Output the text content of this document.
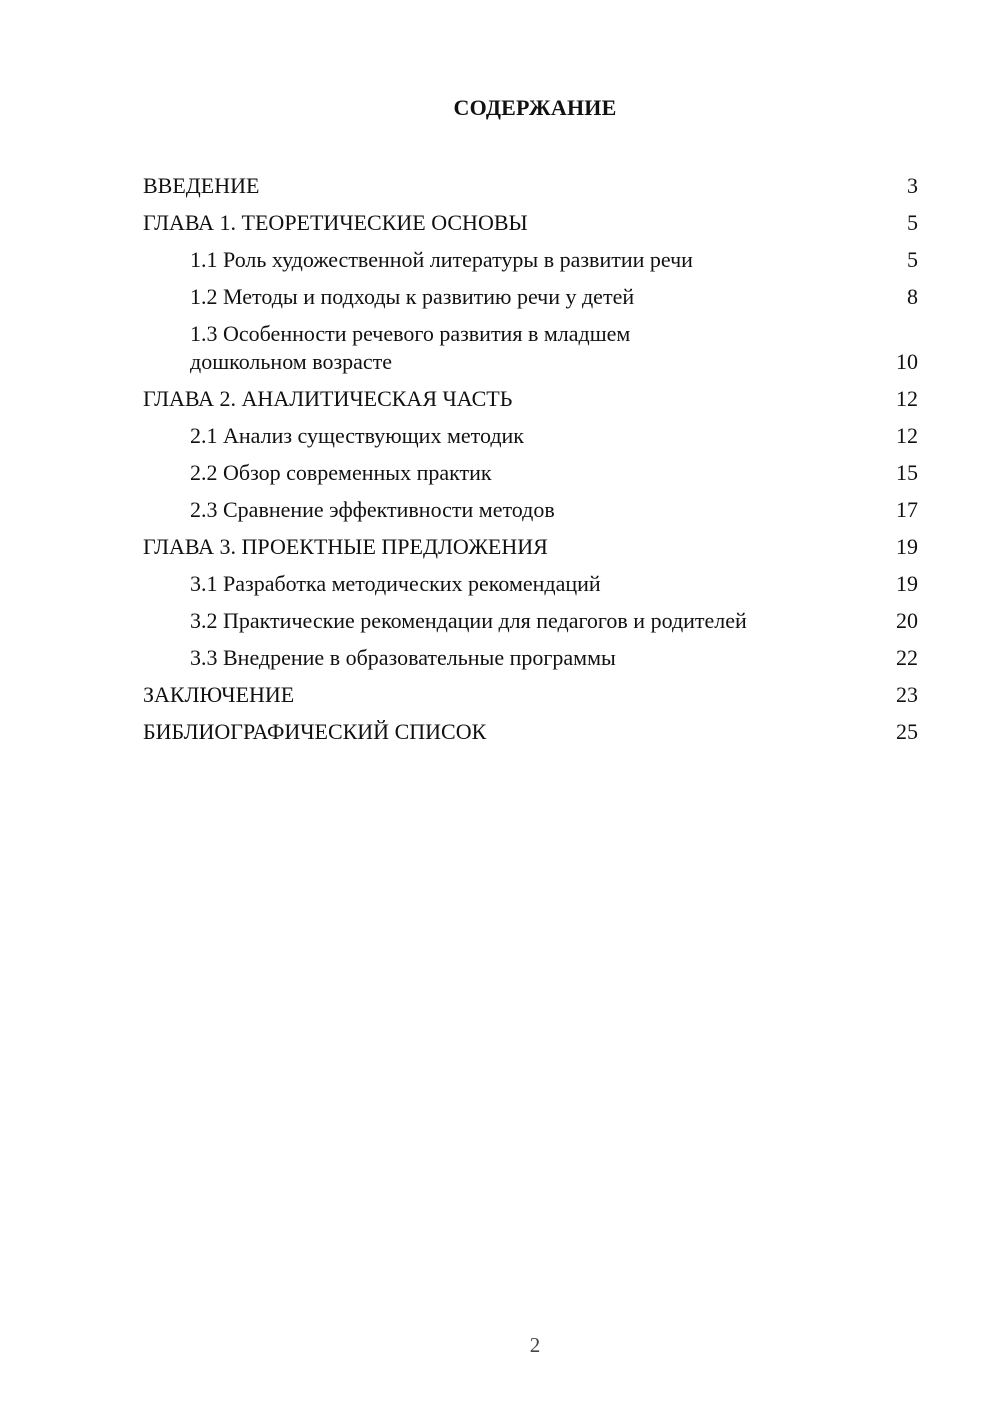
СОДЕРЖАНИЕ
ВВЕДЕНИЕ	3
ГЛАВА 1. ТЕОРЕТИЧЕСКИЕ ОСНОВЫ	5
1.1 Роль художественной литературы в развитии речи	5
1.2 Методы и подходы к развитию речи у детей	8
1.3 Особенности речевого развития в младшем дошкольном возрасте	10
ГЛАВА 2. АНАЛИТИЧЕСКАЯ ЧАСТЬ	12
2.1 Анализ существующих методик	12
2.2 Обзор современных практик	15
2.3 Сравнение эффективности методов	17
ГЛАВА 3. ПРОЕКТНЫЕ ПРЕДЛОЖЕНИЯ	19
3.1 Разработка методических рекомендаций	19
3.2 Практические рекомендации для педагогов и родителей	20
3.3 Внедрение в образовательные программы	22
ЗАКЛЮЧЕНИЕ	23
БИБЛИОГРАФИЧЕСКИЙ СПИСОК	25
2
